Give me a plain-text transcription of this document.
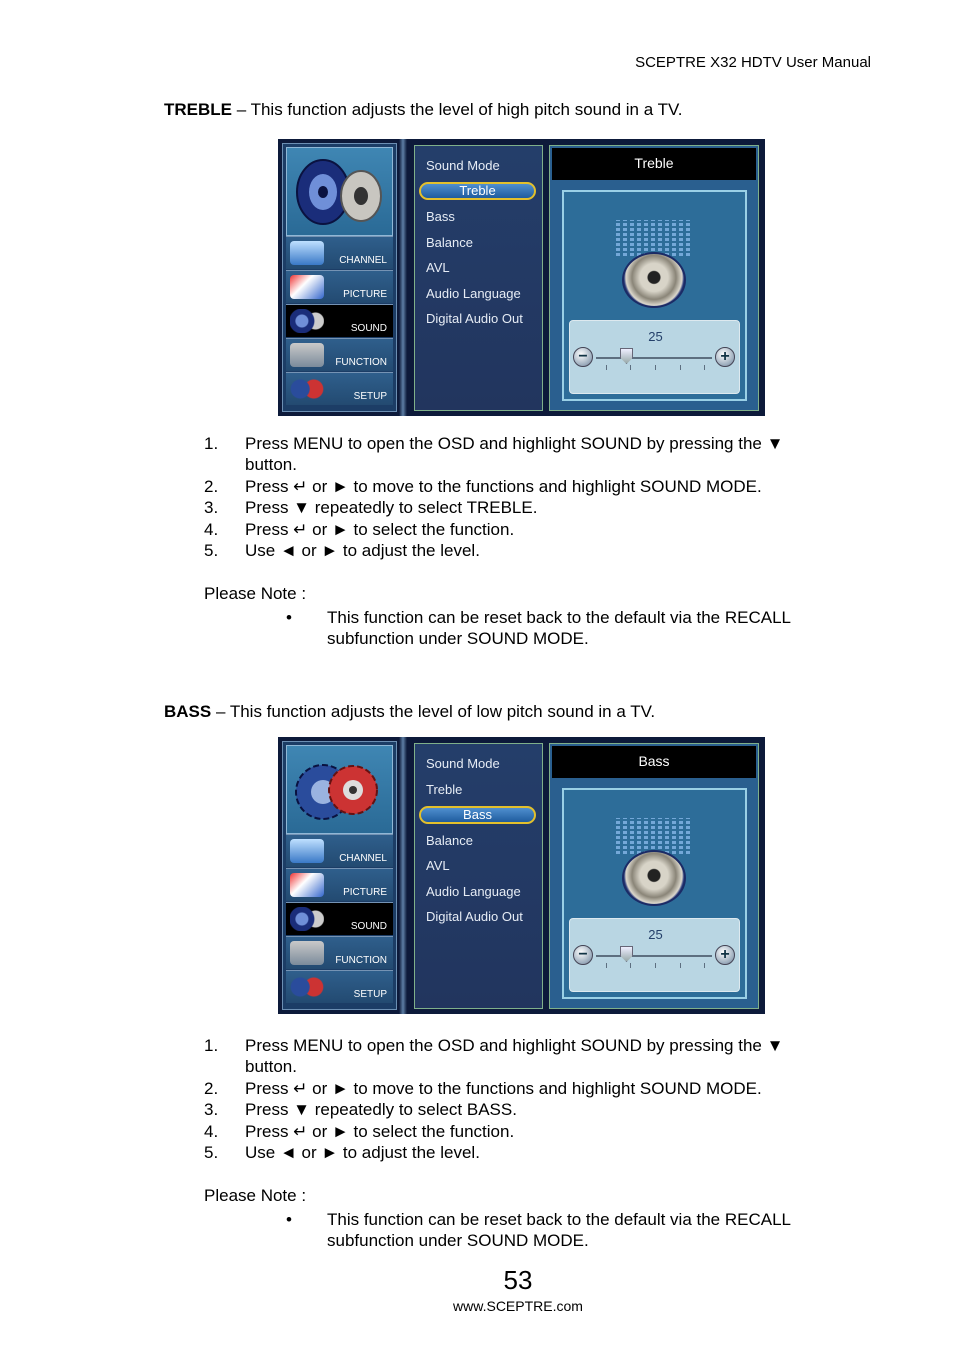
SCEPTRE X32 HDTV User Manual
TREBLE – This function adjusts the level of high pitch sound in a TV.
CHANNEL
PICTURE
SOUND
FUNCTION
SETUP
Sound Mode
Treble
Bass
Balance
AVL
Audio Language
Digital Audio Out
Treble
25
−	+
1. Press MENU to open the OSD and highlight SOUND by pressing the ▼ button.
2. Press ↵ or ► to move to the functions and highlight SOUND MODE.
3. Press ▼ repeatedly to select TREBLE.
4. Press ↵ or ► to select the function.
5. Use ◄ or ► to adjust the level.
Please Note :
• This function can be reset back to the default via the RECALL subfunction under SOUND MODE.
BASS – This function adjusts the level of low pitch sound in a TV.
CHANNEL
PICTURE
SOUND
FUNCTION
SETUP
Sound Mode
Treble
Bass
Balance
AVL
Audio Language
Digital Audio Out
Bass
25
−	+
1. Press MENU to open the OSD and highlight SOUND by pressing the ▼ button.
2. Press ↵ or ► to move to the functions and highlight SOUND MODE.
3. Press ▼ repeatedly to select BASS.
4. Press ↵ or ► to select the function.
5. Use ◄ or ► to adjust the level.
Please Note :
• This function can be reset back to the default via the RECALL subfunction under SOUND MODE.
53
www.SCEPTRE.com
